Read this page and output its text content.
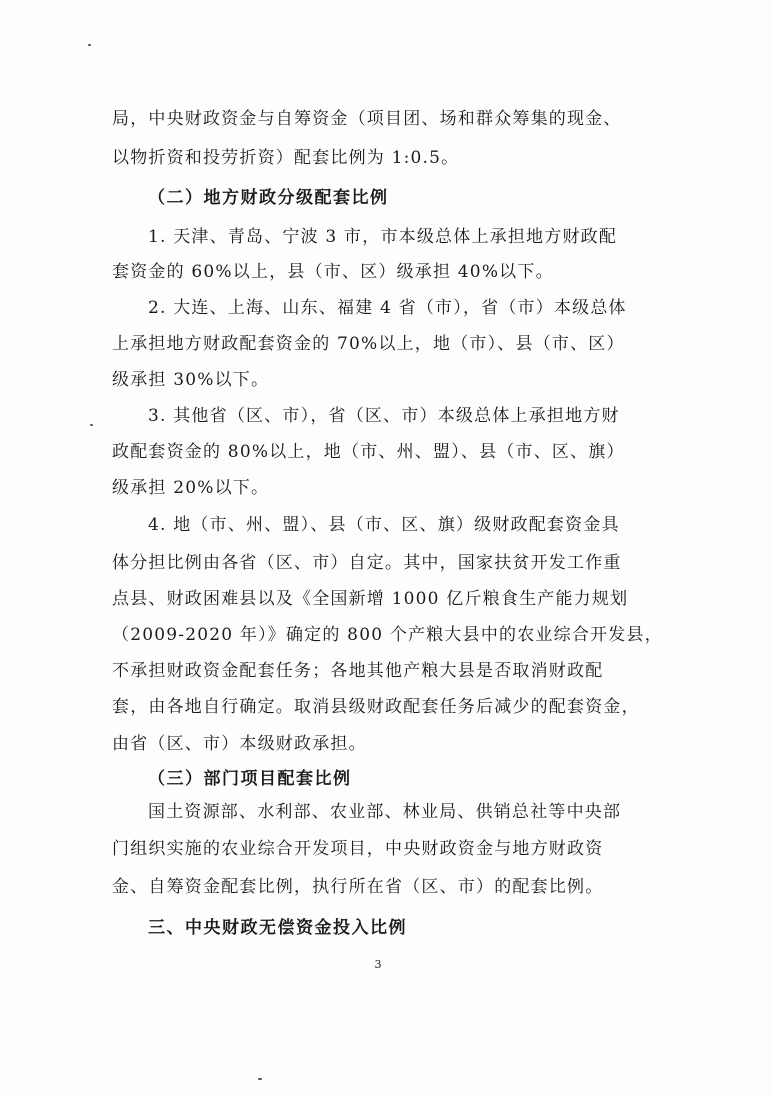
局，中央财政资金与自筹资金（项目团、场和群众筹集的现金、
以物折资和投劳折资）配套比例为 1:0.5。
（二）地方财政分级配套比例
1. 天津、青岛、宁波 3 市，市本级总体上承担地方财政配
套资金的 60%以上，县（市、区）级承担 40%以下。
2. 大连、上海、山东、福建 4 省（市），省（市）本级总体
上承担地方财政配套资金的 70%以上，地（市）、县（市、区）
级承担 30%以下。
3. 其他省（区、市），省（区、市）本级总体上承担地方财
政配套资金的 80%以上，地（市、州、盟）、县（市、区、旗）
级承担 20%以下。
4. 地（市、州、盟）、县（市、区、旗）级财政配套资金具
体分担比例由各省（区、市）自定。其中，国家扶贫开发工作重
点县、财政困难县以及《全国新增 1000 亿斤粮食生产能力规划
（2009-2020 年）》确定的 800 个产粮大县中的农业综合开发县，
不承担财政资金配套任务；各地其他产粮大县是否取消财政配
套，由各地自行确定。取消县级财政配套任务后减少的配套资金，
由省（区、市）本级财政承担。
（三）部门项目配套比例
国土资源部、水利部、农业部、林业局、供销总社等中央部
门组织实施的农业综合开发项目，中央财政资金与地方财政资
金、自筹资金配套比例，执行所在省（区、市）的配套比例。
三、中央财政无偿资金投入比例
3
